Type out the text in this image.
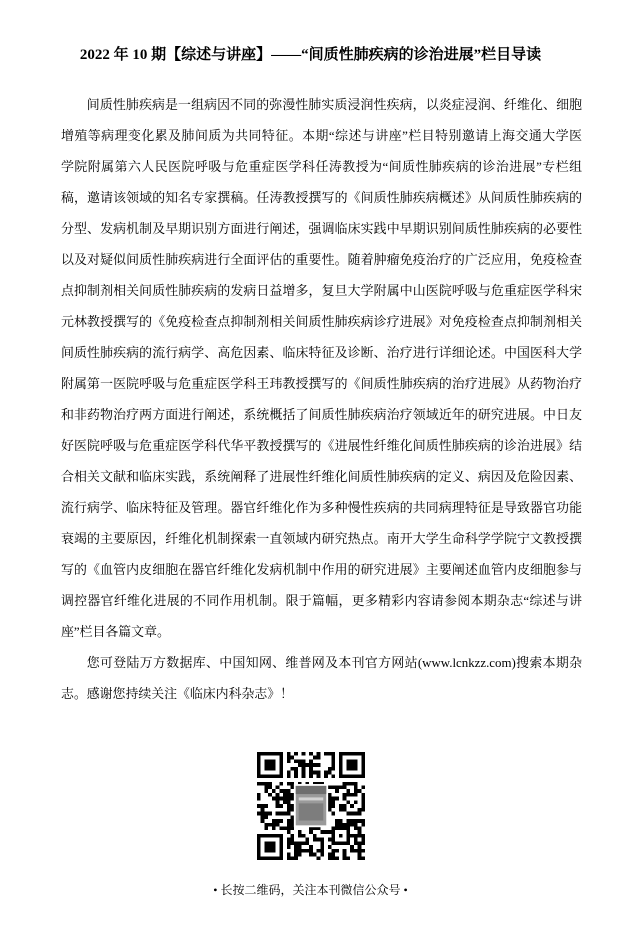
2022 年 10 期【综述与讲座】——“间质性肺疾病的诊治进展”栏目导读
间质性肺疾病是一组病因不同的弥漫性肺实质浸润性疾病，以炎症浸润、纤维化、细胞
增殖等病理变化累及肺间质为共同特征。本期“综述与讲座”栏目特别邀请上海交通大学医
学院附属第六人民医院呼吸与危重症医学科任涛教授为“间质性肺疾病的诊治进展”专栏组
稿，邀请该领域的知名专家撰稿。任涛教授撰写的《间质性肺疾病概述》从间质性肺疾病的
分型、发病机制及早期识别方面进行阐述，强调临床实践中早期识别间质性肺疾病的必要性
以及对疑似间质性肺疾病进行全面评估的重要性。随着肿瘤免疫治疗的广泛应用，免疫检查
点抑制剂相关间质性肺疾病的发病日益增多，复旦大学附属中山医院呼吸与危重症医学科宋
元林教授撰写的《免疫检查点抑制剂相关间质性肺疾病诊疗进展》对免疫检查点抑制剂相关
间质性肺疾病的流行病学、高危因素、临床特征及诊断、治疗进行详细论述。中国医科大学
附属第一医院呼吸与危重症医学科王玮教授撰写的《间质性肺疾病的治疗进展》从药物治疗
和非药物治疗两方面进行阐述，系统概括了间质性肺疾病治疗领域近年的研究进展。中日友
好医院呼吸与危重症医学科代华平教授撰写的《进展性纤维化间质性肺疾病的诊治进展》结
合相关文献和临床实践，系统阐释了进展性纤维化间质性肺疾病的定义、病因及危险因素、
流行病学、临床特征及管理。器官纤维化作为多种慢性疾病的共同病理特征是导致器官功能
衰竭的主要原因，纤维化机制探索一直领域内研究热点。南开大学生命科学学院宁文教授撰
写的《血管内皮细胞在器官纤维化发病机制中作用的研究进展》主要阐述血管内皮细胞参与
调控器官纤维化进展的不同作用机制。限于篇幅，更多精彩内容请参阅本期杂志“综述与讲
座”栏目各篇文章。
您可登陆万方数据库、中国知网、维普网及本刊官方网站(www.lcnkzz.com)搜索本期杂
志。感谢您持续关注《临床内科杂志》！
• 长按二维码，关注本刊微信公众号 •
